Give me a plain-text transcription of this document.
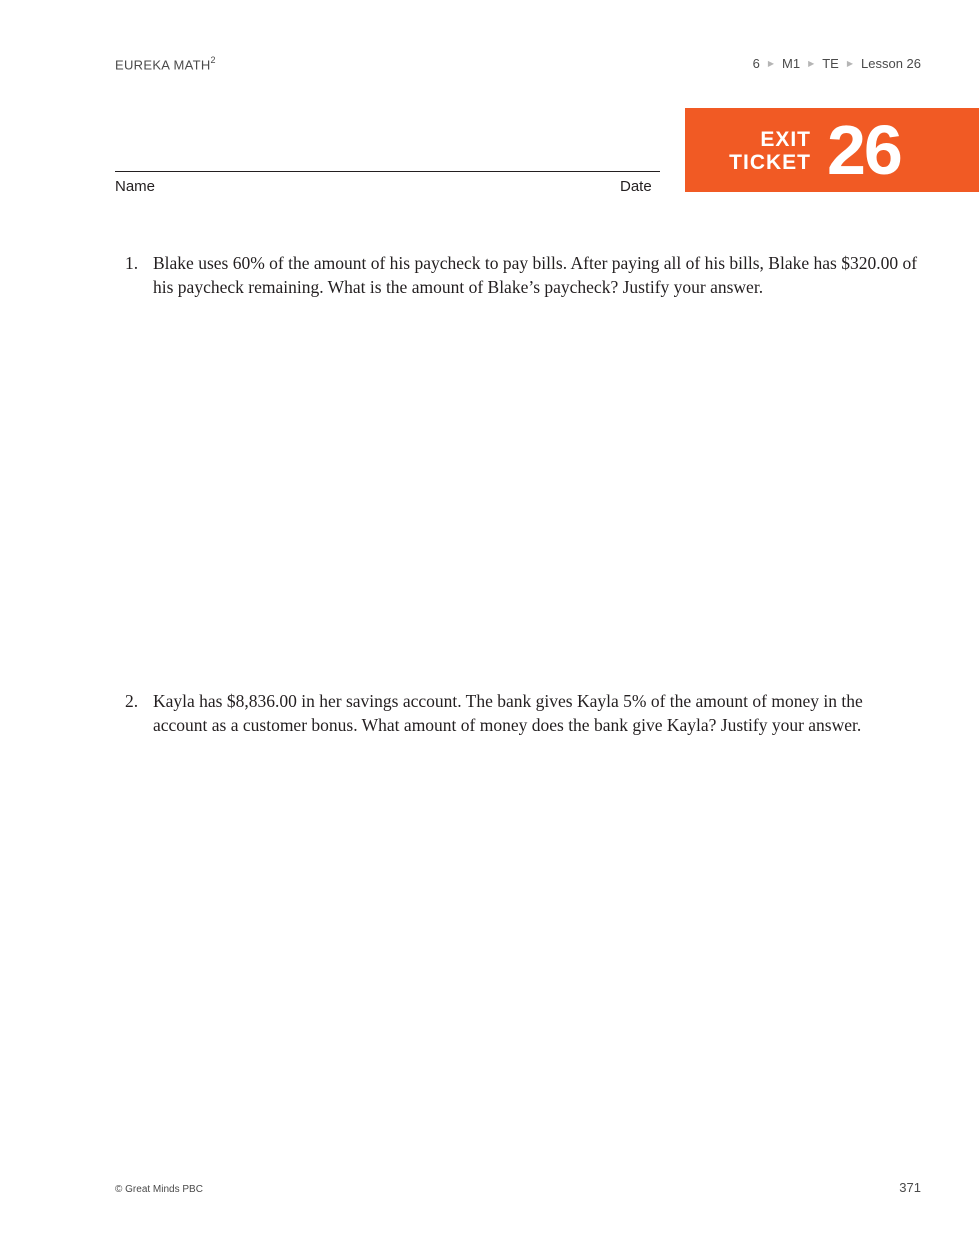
EUREKA MATH$^2$	6 ▶ M1 ▶ TE ▶ Lesson 26
Name	Date
EXIT
TICKET 26
1. Blake uses 60% of the amount of his paycheck to pay bills. After paying all of his bills, Blake has $320.00 of his paycheck remaining. What is the amount of Blake’s paycheck? Justify your answer.
2. Kayla has $8,836.00 in her savings account. The bank gives Kayla 5% of the amount of money in the account as a customer bonus. What amount of money does the bank give Kayla? Justify your answer.
© Great Minds PBC	371
